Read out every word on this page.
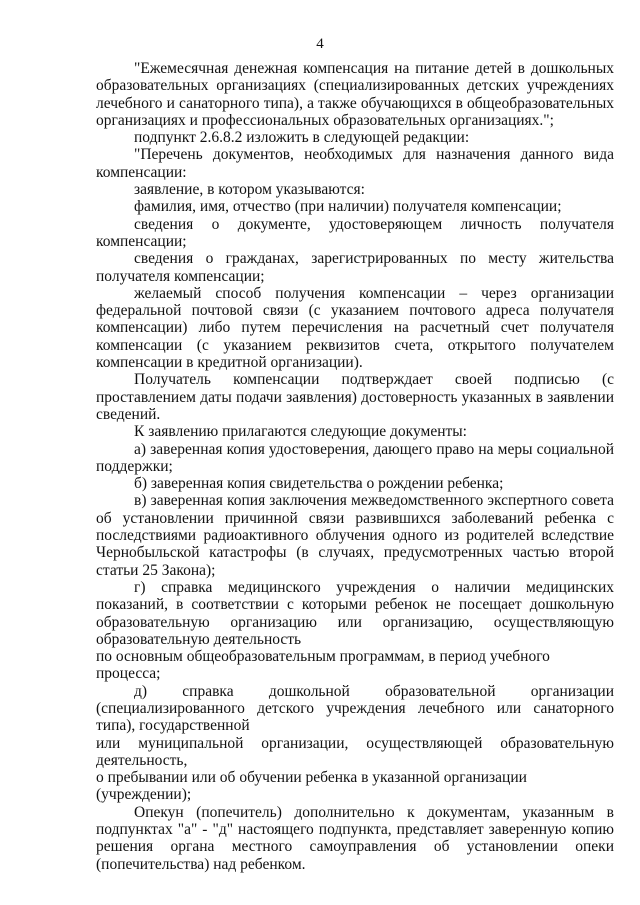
4

"Ежемесячная денежная компенсация на питание детей в дошкольных образовательных организациях (специализированных детских учреждениях лечебного и санаторного типа), а также обучающихся в общеобразовательных организациях и профессиональных образовательных организациях.";

подпункт 2.6.8.2 изложить в следующей редакции:

"Перечень документов, необходимых для назначения данного вида компенсации:

заявление, в котором указываются:

фамилия, имя, отчество (при наличии) получателя компенсации;

сведения о документе, удостоверяющем личность получателя компенсации;

сведения о гражданах, зарегистрированных по месту жительства получателя компенсации;

желаемый способ получения компенсации – через организации федеральной почтовой связи (с указанием почтового адреса получателя компенсации) либо путем перечисления на расчетный счет получателя компенсации (с указанием реквизитов счета, открытого получателем компенсации в кредитной организации).

Получатель компенсации подтверждает своей подписью (с проставлением даты подачи заявления) достоверность указанных в заявлении сведений.

К заявлению прилагаются следующие документы:

а) заверенная копия удостоверения, дающего право на меры социальной поддержки;

б) заверенная копия свидетельства о рождении ребенка;

в) заверенная копия заключения межведомственного экспертного совета об установлении причинной связи развившихся заболеваний ребенка с последствиями радиоактивного облучения одного из родителей вследствие Чернобыльской катастрофы (в случаях, предусмотренных частью второй статьи 25 Закона);

г) справка медицинского учреждения о наличии медицинских показаний, в соответствии с которыми ребенок не посещает дошкольную образовательную организацию или организацию, осуществляющую образовательную деятельность

по основным общеобразовательным программам, в период учебного процесса;

д) справка дошкольной образовательной организации (специализированного детского учреждения лечебного или санаторного типа), государственной

или муниципальной организации, осуществляющей образовательную деятельность,

о пребывании или об обучении ребенка в указанной организации (учреждении);

Опекун (попечитель) дополнительно к документам, указанным в подпунктах "а" - "д" настоящего подпункта, представляет заверенную копию решения органа местного самоуправления об установлении опеки (попечительства) над ребенком.
